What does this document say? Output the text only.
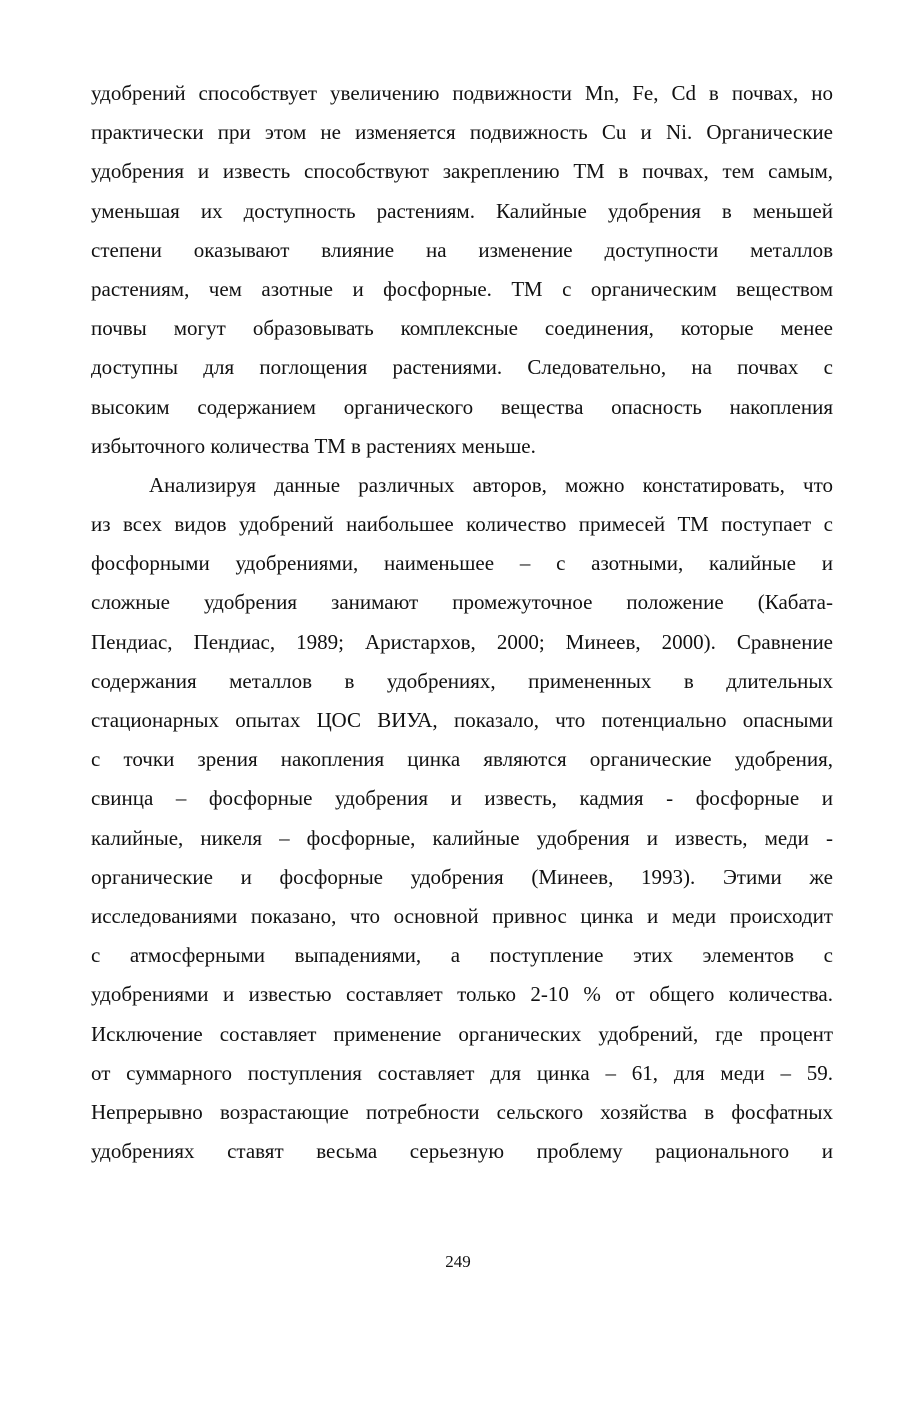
удобрений способствует увеличению подвижности Mn, Fe, Cd в почвах, но
практически при этом не изменяется подвижность Cu и Ni. Органические
удобрения и известь способствуют закреплению ТМ в почвах, тем самым,
уменьшая их доступность растениям. Калийные удобрения в меньшей
степени оказывают влияние на изменение доступности металлов
растениям, чем азотные и фосфорные. ТМ с органическим веществом
почвы могут образовывать комплексные соединения, которые менее
доступны для поглощения растениями. Следовательно, на почвах с
высоким содержанием органического вещества опасность накопления
избыточного количества ТМ в растениях меньше.
Анализируя данные различных авторов, можно констатировать, что
из всех видов удобрений наибольшее количество примесей ТМ поступает с
фосфорными удобрениями, наименьшее – с азотными, калийные и
сложные удобрения занимают промежуточное положение (Кабата-
Пендиас, Пендиас, 1989; Аристархов, 2000; Минеев, 2000). Сравнение
содержания металлов в удобрениях, примененных в длительных
стационарных опытах ЦОС ВИУА, показало, что потенциально опасными
с точки зрения накопления цинка являются органические удобрения,
свинца – фосфорные удобрения и известь, кадмия - фосфорные и
калийные, никеля – фосфорные, калийные удобрения и известь, меди -
органические и фосфорные удобрения (Минеев, 1993). Этими же
исследованиями показано, что основной привнос цинка и меди происходит
с атмосферными выпадениями, а поступление этих элементов с
удобрениями и известью составляет только 2-10 % от общего количества.
Исключение составляет применение органических удобрений, где процент
от суммарного поступления составляет для цинка – 61, для меди – 59.
Непрерывно возрастающие потребности сельского хозяйства в фосфатных
удобрениях ставят весьма серьезную проблему рационального и
249
